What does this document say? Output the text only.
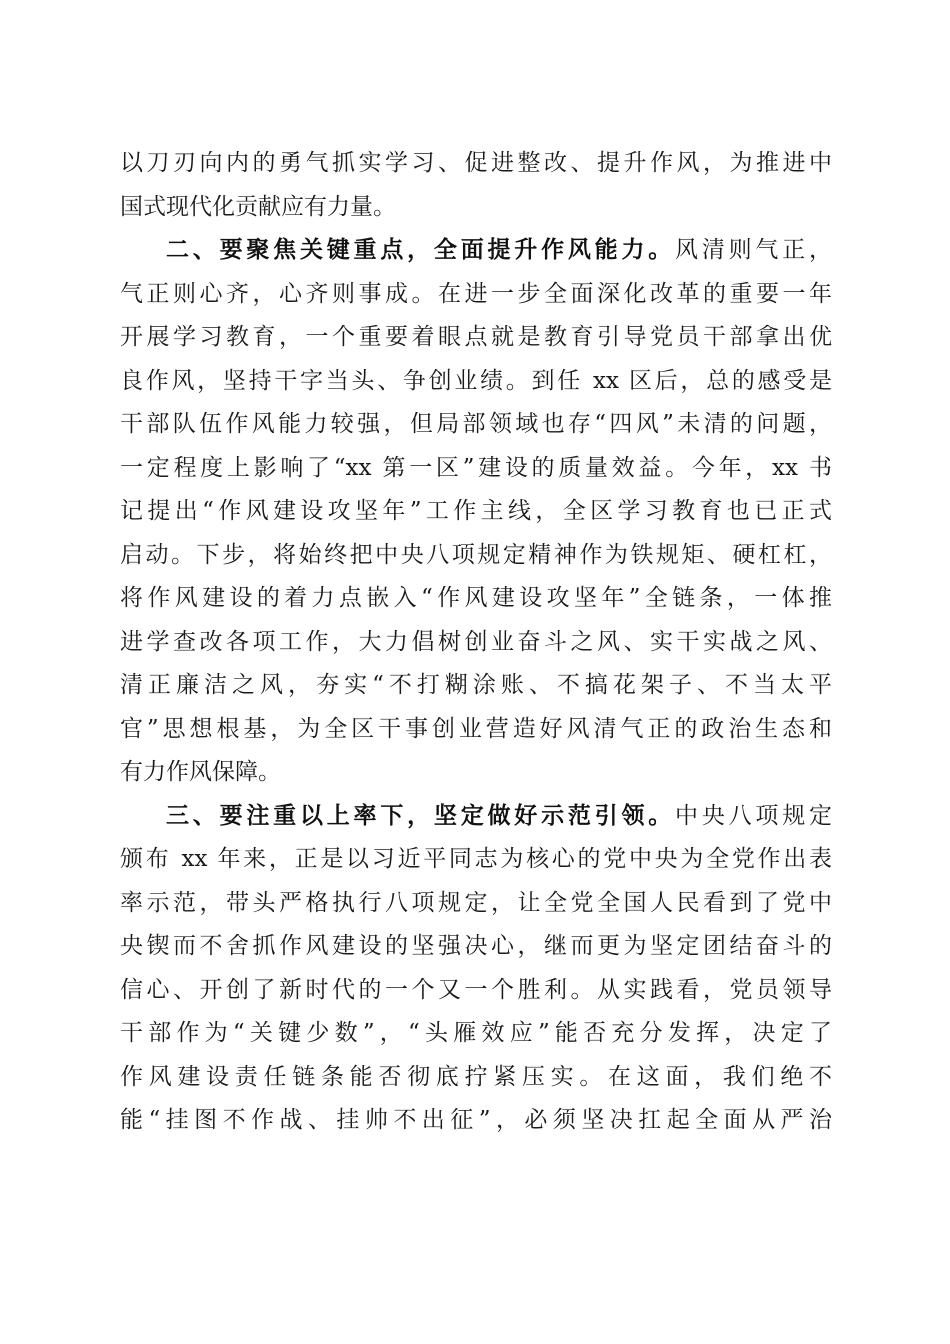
以刀刃向内的勇气抓实学习、促进整改、提升作风，为推进中
国式现代化贡献应有力量。
二、要聚焦关键重点，全面提升作风能力。风清则气正，
气正则心齐，心齐则事成。在进一步全面深化改革的重要一年
开展学习教育，一个重要着眼点就是教育引导党员干部拿出优
良作风，坚持干字当头、争创业绩。到任 xx 区后，总的感受是
干部队伍作风能力较强，但局部领域也存“四风”未清的问题，
一定程度上影响了“xx 第一区”建设的质量效益。今年，xx 书
记提出“作风建设攻坚年”工作主线，全区学习教育也已正式
启动。下步，将始终把中央八项规定精神作为铁规矩、硬杠杠，
将作风建设的着力点嵌入“作风建设攻坚年”全链条，一体推
进学查改各项工作，大力倡树创业奋斗之风、实干实战之风、
清正廉洁之风，夯实“不打糊涂账、不搞花架子、不当太平
官”思想根基，为全区干事创业营造好风清气正的政治生态和
有力作风保障。
三、要注重以上率下，坚定做好示范引领。中央八项规定
颁布 xx 年来，正是以习近平同志为核心的党中央为全党作出表
率示范，带头严格执行八项规定，让全党全国人民看到了党中
央锲而不舍抓作风建设的坚强决心，继而更为坚定团结奋斗的
信心、开创了新时代的一个又一个胜利。从实践看，党员领导
干部作为“关键少数”，“头雁效应”能否充分发挥，决定了
作风建设责任链条能否彻底拧紧压实。在这面，我们绝不
能“挂图不作战、挂帅不出征”，必须坚决扛起全面从严治
